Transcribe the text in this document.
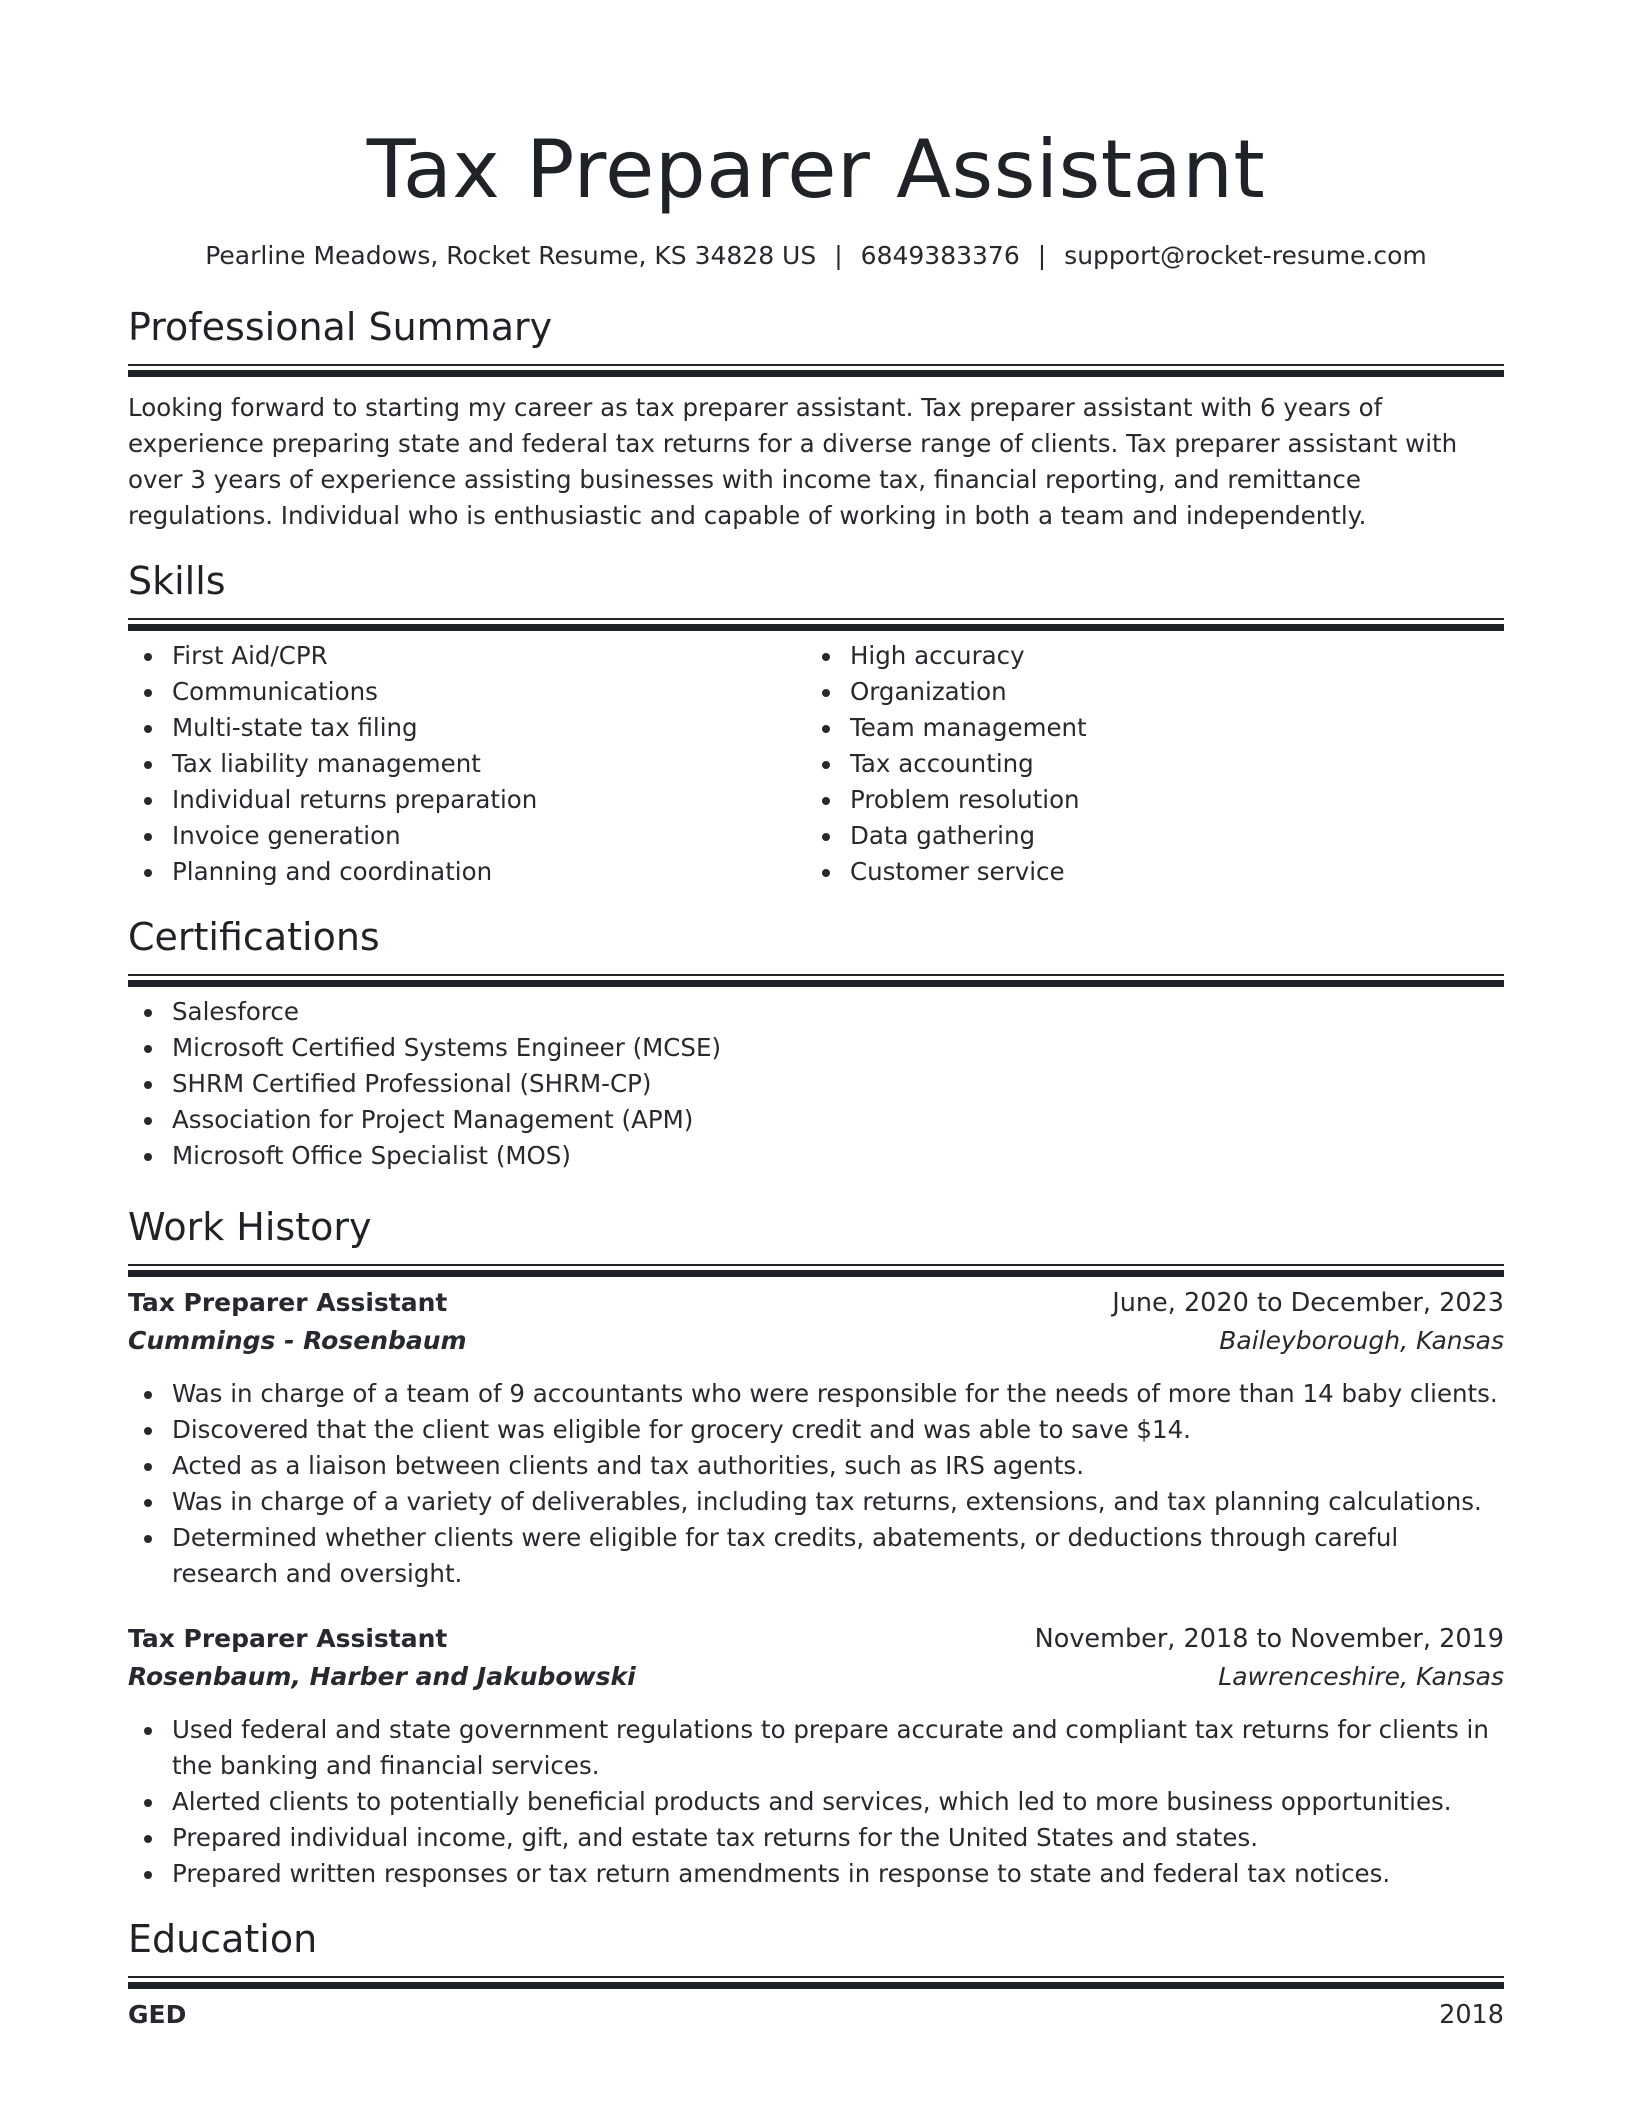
Tax Preparer Assistant
Pearline Meadows, Rocket Resume, KS 34828 US | 6849383376 | support@rocket-resume.com
Professional Summary
Looking forward to starting my career as tax preparer assistant. Tax preparer assistant with 6 years of experience preparing state and federal tax returns for a diverse range of clients. Tax preparer assistant with over 3 years of experience assisting businesses with income tax, financial reporting, and remittance regulations. Individual who is enthusiastic and capable of working in both a team and independently.
Skills
First Aid/CPR
Communications
Multi-state tax filing
Tax liability management
Individual returns preparation
Invoice generation
Planning and coordination
High accuracy
Organization
Team management
Tax accounting
Problem resolution
Data gathering
Customer service
Certifications
Salesforce
Microsoft Certified Systems Engineer (MCSE)
SHRM Certified Professional (SHRM-CP)
Association for Project Management (APM)
Microsoft Office Specialist (MOS)
Work History
Tax Preparer Assistant	June, 2020 to December, 2023
Cummings - Rosenbaum	Baileyborough, Kansas
Was in charge of a team of 9 accountants who were responsible for the needs of more than 14 baby clients.
Discovered that the client was eligible for grocery credit and was able to save $14.
Acted as a liaison between clients and tax authorities, such as IRS agents.
Was in charge of a variety of deliverables, including tax returns, extensions, and tax planning calculations.
Determined whether clients were eligible for tax credits, abatements, or deductions through careful research and oversight.
Tax Preparer Assistant	November, 2018 to November, 2019
Rosenbaum, Harber and Jakubowski	Lawrenceshire, Kansas
Used federal and state government regulations to prepare accurate and compliant tax returns for clients in the banking and financial services.
Alerted clients to potentially beneficial products and services, which led to more business opportunities.
Prepared individual income, gift, and estate tax returns for the United States and states.
Prepared written responses or tax return amendments in response to state and federal tax notices.
Education
GED	2018
